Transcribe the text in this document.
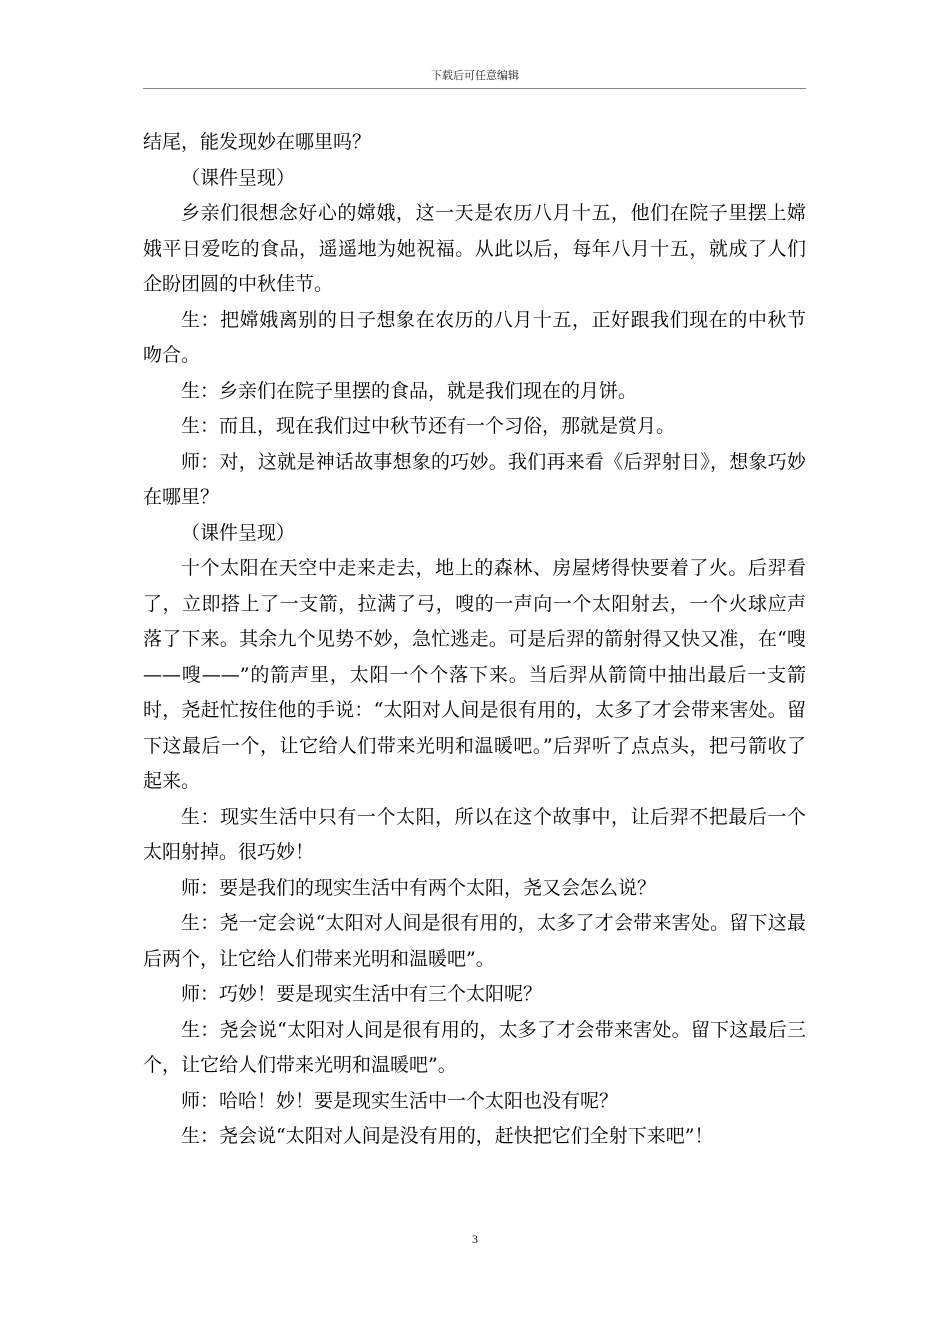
下载后可任意编辑

结尾，能发现妙在哪里吗？

（课件呈现）

乡亲们很想念好心的嫦娥，这一天是农历八月十五，他们在院子里摆上嫦娥平日爱吃的食品，遥遥地为她祝福。从此以后，每年八月十五，就成了人们企盼团圆的中秋佳节。

生：把嫦娥离别的日子想象在农历的八月十五，正好跟我们现在的中秋节吻合。

生：乡亲们在院子里摆的食品，就是我们现在的月饼。

生：而且，现在我们过中秋节还有一个习俗，那就是赏月。

师：对，这就是神话故事想象的巧妙。我们再来看《后羿射日》，想象巧妙在哪里？

（课件呈现）

十个太阳在天空中走来走去，地上的森林、房屋烤得快要着了火。后羿看了，立即搭上了一支箭，拉满了弓，嗖的一声向一个太阳射去，一个火球应声落了下来。其余九个见势不妙，急忙逃走。可是后羿的箭射得又快又准，在“嗖——嗖——”的箭声里，太阳一个个落下来。当后羿从箭筒中抽出最后一支箭时，尧赶忙按住他的手说：“太阳对人间是很有用的，太多了才会带来害处。留下这最后一个，让它给人们带来光明和温暖吧。”后羿听了点点头，把弓箭收了起来。

生：现实生活中只有一个太阳，所以在这个故事中，让后羿不把最后一个太阳射掉。很巧妙！

师：要是我们的现实生活中有两个太阳，尧又会怎么说？

生：尧一定会说“太阳对人间是很有用的，太多了才会带来害处。留下这最后两个，让它给人们带来光明和温暖吧”。

师：巧妙！要是现实生活中有三个太阳呢？

生：尧会说“太阳对人间是很有用的，太多了才会带来害处。留下这最后三个，让它给人们带来光明和温暖吧”。

师：哈哈！妙！要是现实生活中一个太阳也没有呢？

生：尧会说“太阳对人间是没有用的，赶快把它们全射下来吧”！

3
